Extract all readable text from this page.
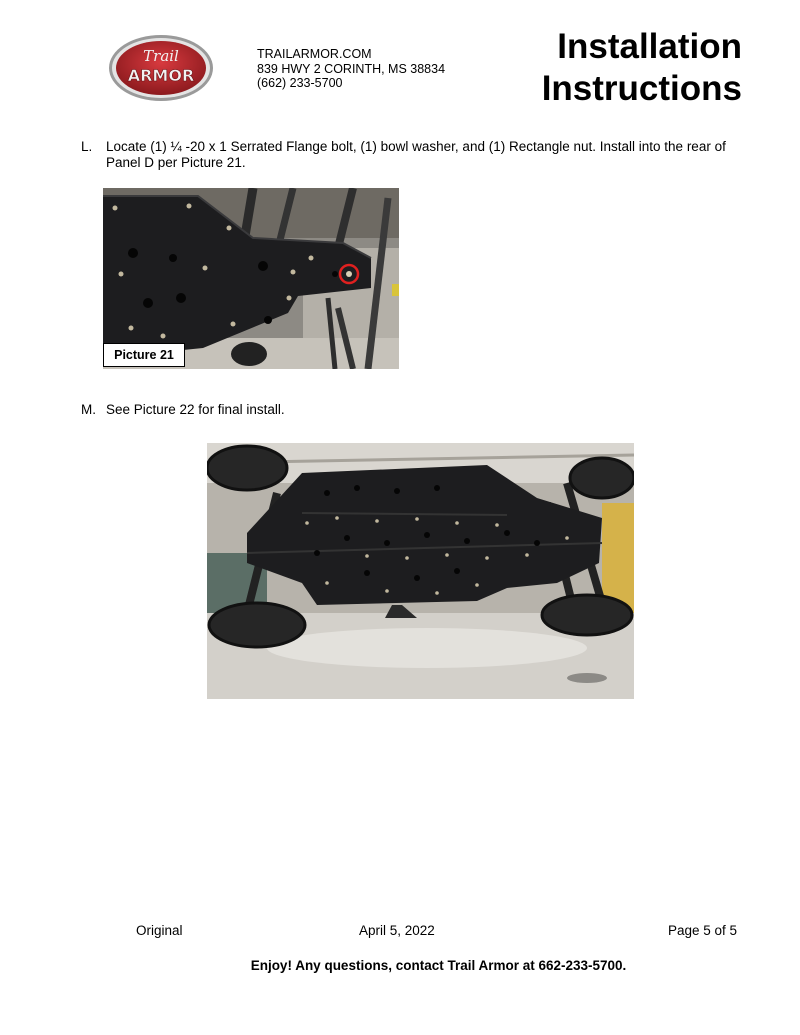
Trail
ARMOR
TRAILARMOR.COM
839 HWY 2 CORINTH, MS 38834
(662) 233-5700
Installation
Instructions
L. Locate (1) ¼ -20 x 1 Serrated Flange bolt, (1) bowl washer, and (1) Rectangle nut. Install into the rear of Panel D per Picture 21.
Picture 21
M. See Picture 22 for final install.
Original	April 5, 2022	Page 5 of 5
Enjoy! Any questions, contact Trail Armor at 662-233-5700.
